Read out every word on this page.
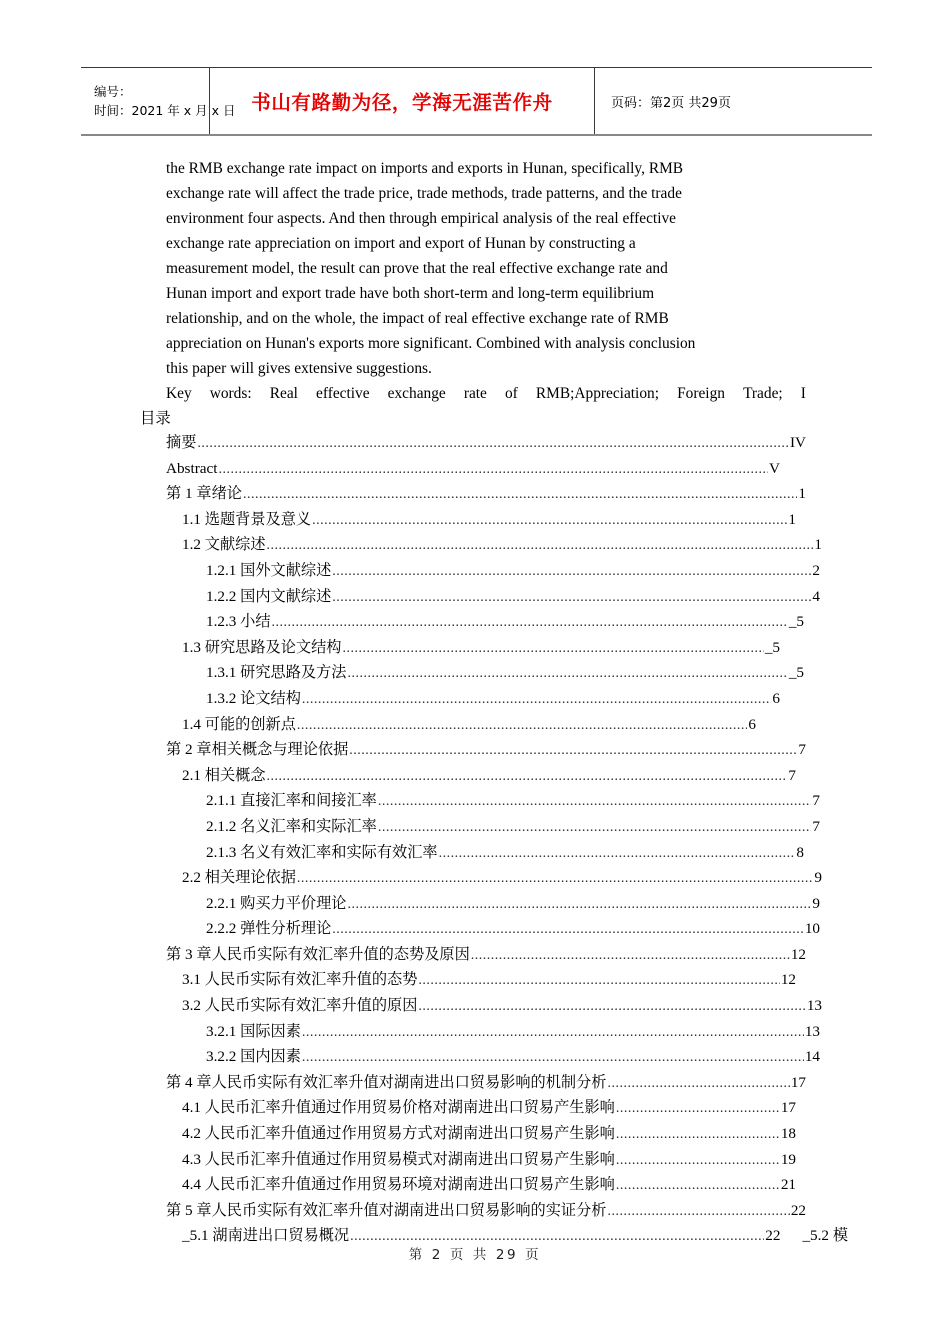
编号：
时间：2021 年 x 月 x 日	书山有路勤为径，学海无涯苦作舟	页码：第2页 共29页
the RMB exchange rate impact on imports and exports in Hunan, specifically, RMB
exchange rate will affect the trade price, trade methods, trade patterns, and the trade
environment four aspects. And then through empirical analysis of the real effective
exchange rate appreciation on import and export of Hunan by constructing a
measurement model, the result can prove that the real effective exchange rate and
Hunan import and export trade have both short-term and long-term equilibrium
relationship, and on the whole, the impact of real effective exchange rate of RMB
appreciation on Hunan's exports more significant. Combined with analysis conclusion
this paper will gives extensive suggestions.
Key words: Real effective exchange rate of RMB;Appreciation; Foreign Trade; I
目录
摘要 .....	IV
Abstract .....	V
第 1 章绪论 .....	1
1.1 选题背景及意义 .....	1
1.2 文献综述 .....	1
1.2.1 国外文献综述 .....	2
1.2.2 国内文献综述 .....	4
1.2.3 小结 .....	_5
1.3 研究思路及论文结构 .....	_5
1.3.1 研究思路及方法 .....	_5
1.3.2 论文结构 .....	6
1.4 可能的创新点 .....	6
第 2 章相关概念与理论依据 .....	7
2.1 相关概念 .....	7
2.1.1 直接汇率和间接汇率 .....	7
2.1.2 名义汇率和实际汇率 .....	7
2.1.3 名义有效汇率和实际有效汇率 .....	8
2.2 相关理论依据 .....	9
2.2.1 购买力平价理论 .....	9
2.2.2 弹性分析理论 .....	10
第 3 章人民币实际有效汇率升值的态势及原因 .....	12
3.1 人民币实际有效汇率升值的态势 .....	12
3.2 人民币实际有效汇率升值的原因 .....	13
3.2.1 国际因素 .....	13
3.2.2 国内因素 .....	14
第 4 章人民币实际有效汇率升值对湖南进出口贸易影响的机制分析 .....	17
4.1 人民币汇率升值通过作用贸易价格对湖南进出口贸易产生影响 .....	17
4.2 人民币汇率升值通过作用贸易方式对湖南进出口贸易产生影响 .....	18
4.3 人民币汇率升值通过作用贸易模式对湖南进出口贸易产生影响 .....	19
4.4 人民币汇率升值通过作用贸易环境对湖南进出口贸易产生影响 .....	21
第 5 章人民币实际有效汇率升值对湖南进出口贸易影响的实证分析 .....	22
_5.1 湖南进出口贸易概况 .....	22	_5.2 模
第 2 页 共 29 页
